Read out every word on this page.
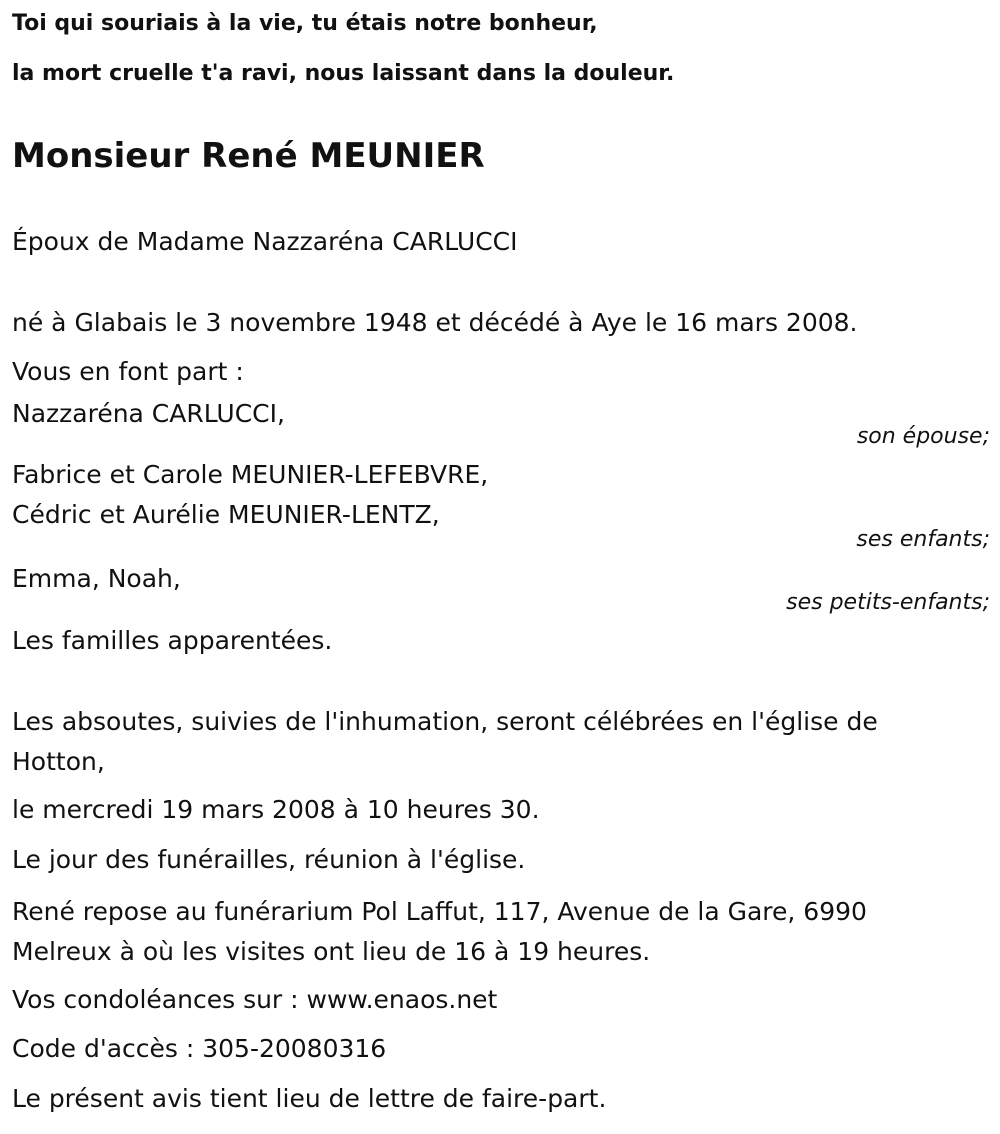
Toi qui souriais à la vie, tu étais notre bonheur,
la mort cruelle t'a ravi, nous laissant dans la douleur.
Monsieur René MEUNIER
Époux de Madame Nazzaréna CARLUCCI
né à Glabais le 3 novembre 1948 et décédé à Aye le 16 mars 2008.
Vous en font part :
Nazzaréna CARLUCCI,
son épouse;
Fabrice et Carole MEUNIER-LEFEBVRE,
Cédric et Aurélie MEUNIER-LENTZ,
ses enfants;
Emma, Noah,
ses petits-enfants;
Les familles apparentées.
Les absoutes, suivies de l'inhumation, seront célébrées en l'église de Hotton,
le mercredi 19 mars 2008 à 10 heures 30.
Le jour des funérailles, réunion à l'église.
René repose au funérarium Pol Laffut, 117, Avenue de la Gare, 6990 Melreux à où les visites ont lieu de 16 à 19 heures.
Vos condoléances sur : www.enaos.net
Code d'accès : 305-20080316
Le présent avis tient lieu de lettre de faire-part.
